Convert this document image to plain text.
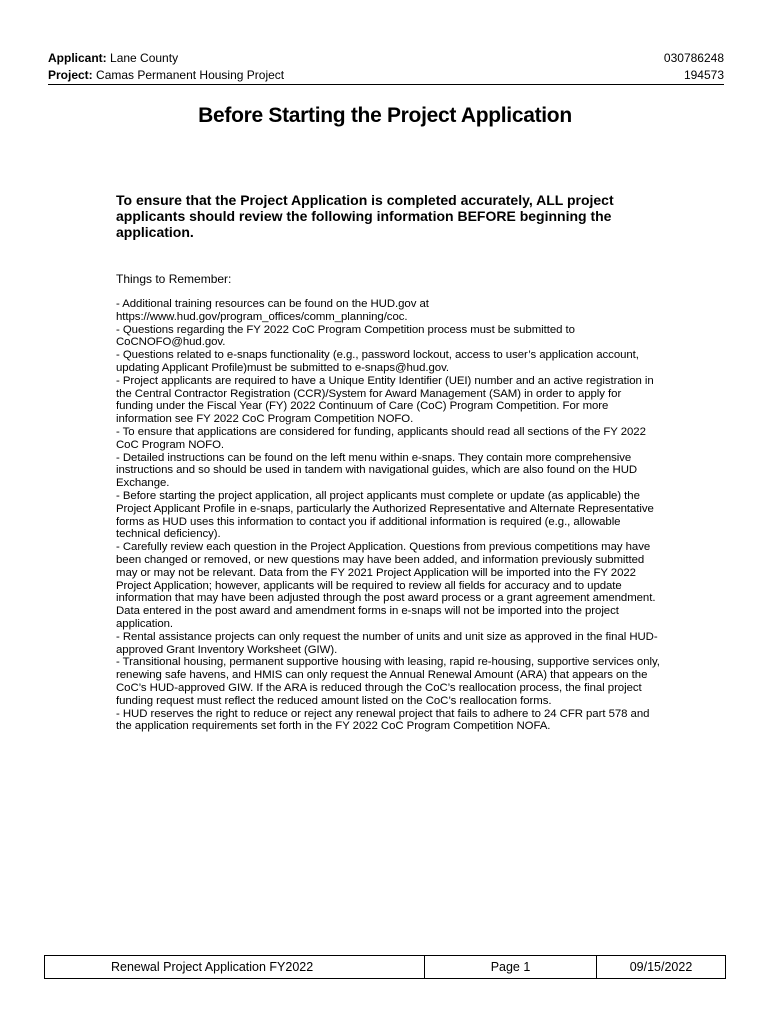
Applicant: Lane County	030786248
Project: Camas Permanent Housing Project	194573
Before Starting the Project Application
To ensure that the Project Application is completed accurately, ALL project applicants should review the following information BEFORE beginning the application.
Things to Remember:

- Additional training resources can be found on the HUD.gov at https://www.hud.gov/program_offices/comm_planning/coc.

- Questions regarding the FY 2022 CoC Program Competition process must be submitted to CoCNOFO@hud.gov.

- Questions related to e-snaps functionality (e.g., password lockout, access to user’s application account, updating Applicant Profile)must be submitted to e-snaps@hud.gov.

- Project applicants are required to have a Unique Entity Identifier (UEI) number and an active registration in the Central Contractor Registration (CCR)/System for Award Management (SAM) in order to apply for funding under the Fiscal Year (FY) 2022 Continuum of Care (CoC) Program Competition. For more information see FY 2022 CoC Program Competition NOFO.

- To ensure that applications are considered for funding, applicants should read all sections of the FY 2022 CoC Program NOFO.

- Detailed instructions can be found on the left menu within e-snaps. They contain more comprehensive instructions and so should be used in tandem with navigational guides, which are also found on the HUD Exchange.

- Before starting the project application, all project applicants must complete or update (as applicable) the Project Applicant Profile in e-snaps, particularly the Authorized Representative and Alternate Representative forms as HUD uses this information to contact you if additional information is required (e.g., allowable technical deficiency).

- Carefully review each question in the Project Application. Questions from previous competitions may have been changed or removed, or new questions may have been added, and information previously submitted may or may not be relevant. Data from the FY 2021 Project Application will be imported into the FY 2022 Project Application; however, applicants will be required to review all fields for accuracy and to update information that may have been adjusted through the post award process or a grant agreement amendment. Data entered in the post award and amendment forms in e-snaps will not be imported into the project application.

- Rental assistance projects can only request the number of units and unit size as approved in the final HUD-approved Grant Inventory Worksheet (GIW).

- Transitional housing, permanent supportive housing with leasing, rapid re-housing, supportive services only, renewing safe havens, and HMIS can only request the Annual Renewal Amount (ARA) that appears on the CoC’s HUD-approved GIW. If the ARA is reduced through the CoC’s reallocation process, the final project funding request must reflect the reduced amount listed on the CoC’s reallocation forms.

- HUD reserves the right to reduce or reject any renewal project that fails to adhere to 24 CFR part 578 and the application requirements set forth in the FY 2022 CoC Program Competition NOFA.

Renewal Project Application FY2022	Page 1	09/15/2022
